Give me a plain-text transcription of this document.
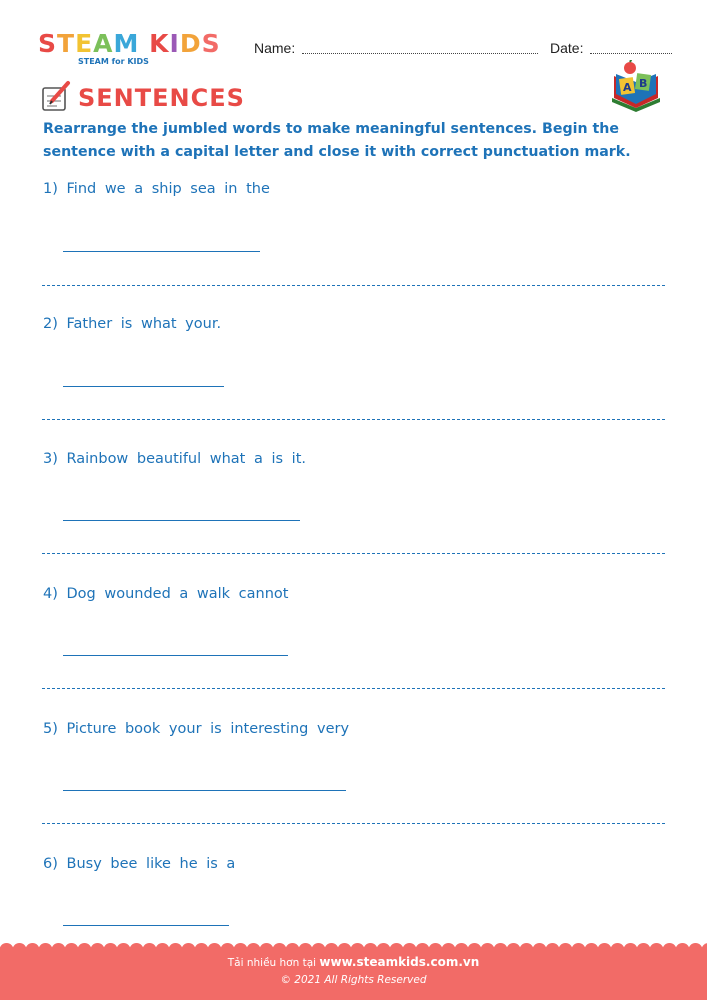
STEAM KIDS
STEAM for KIDS
Name:	Date:
SENTENCES	A B
Rearrange the jumbled words to make meaningful sentences. Begin the sentence with a capital letter and close it with correct punctuation mark.
1) Find we a ship sea in the
2) Father is what your.
3) Rainbow beautiful what a is it.
4) Dog wounded a walk cannot
5) Picture book your is interesting very
6) Busy bee like he is a
Tải nhiều hơn tại www.steamkids.com.vn
© 2021 All Rights Reserved
